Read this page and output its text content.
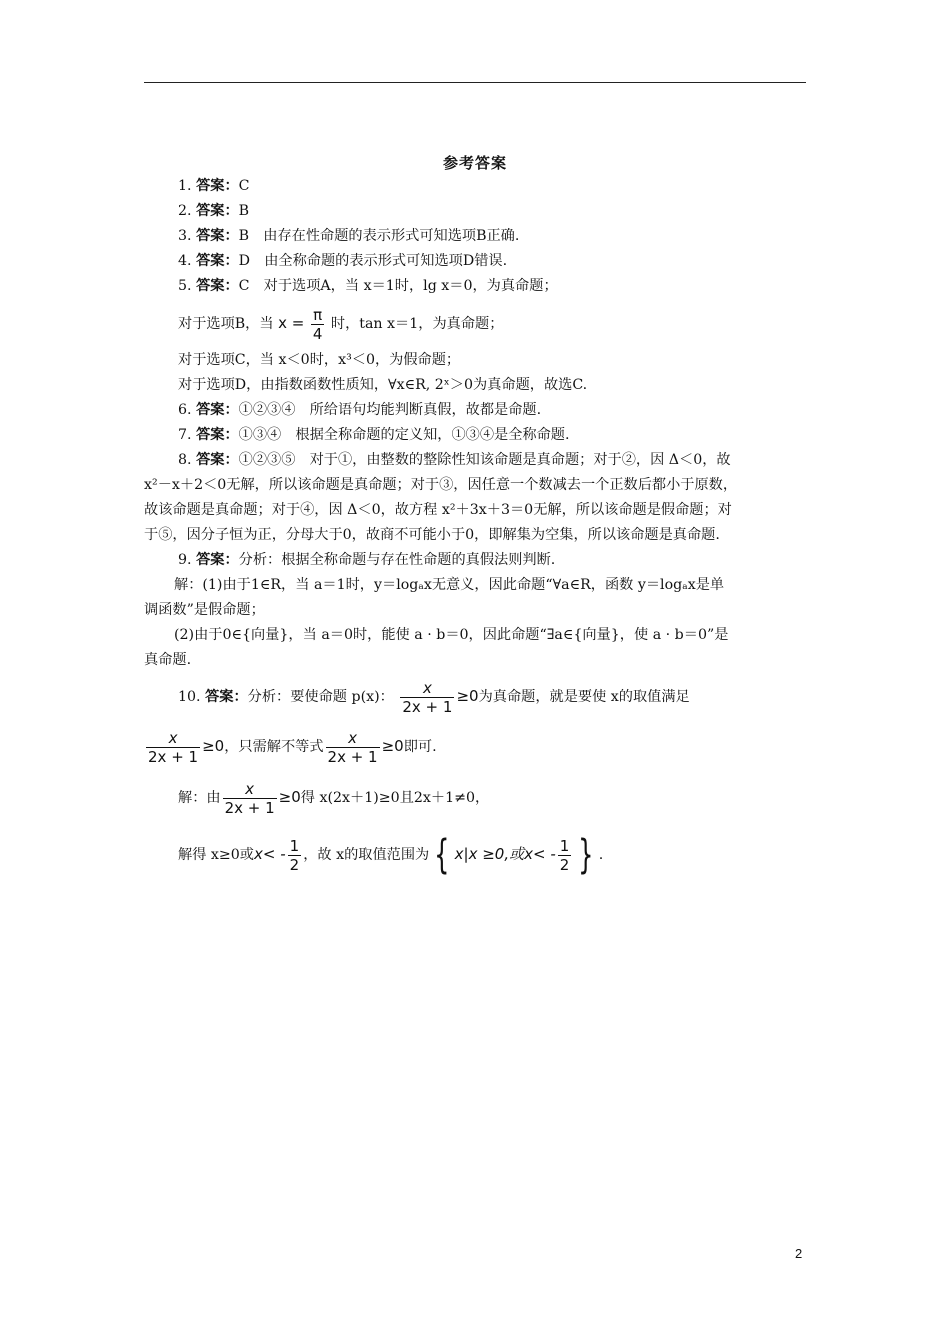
参考答案
1. 答案：C
2. 答案：B
3. 答案：B　由存在性命题的表示形式可知选项B正确.
4. 答案：D　由全称命题的表示形式可知选项D错误.
5. 答案：C　对于选项A，当 x＝1时，lg x＝0，为真命题；
对于选项B，当 $x = \frac{\pi}{4}$ 时，tan x＝1，为真命题；
对于选项C，当 x＜0时，x³＜0，为假命题；
对于选项D，由指数函数性质知，∀x∈R, 2ˣ＞0为真命题，故选C.
6. 答案：①②③④　所给语句均能判断真假，故都是命题.
7. 答案：①③④　根据全称命题的定义知，①③④是全称命题.
8. 答案：①②③⑤　对于①，由整数的整除性知该命题是真命题；对于②，因 Δ＜0，故
x²－x＋2＜0无解，所以该命题是真命题；对于③，因任意一个数减去一个正数后都小于原数，
故该命题是真命题；对于④，因 Δ＜0，故方程 x²＋3x＋3＝0无解，所以该命题是假命题；对
于⑤，因分子恒为正，分母大于0，故商不可能小于0，即解集为空集，所以该命题是真命题.
9. 答案：分析：根据全称命题与存在性命题的真假法则判断.
解：(1)由于1∈R，当 a＝1时，y＝logₐx无意义，因此命题“∀a∈R，函数 y＝logₐx是单
调函数”是假命题；
(2)由于0∈{向量}，当 a＝0时，能使 a · b＝0，因此命题“∃a∈{向量}，使 a · b＝0”是
真命题.
10. 答案：分析：要使命题 p(x)： $\frac{x}{2x + 1} \ge 0$为真命题，就是要使 x的取值满足
$\frac{x}{2x + 1} \ge 0$，只需解不等式 $\frac{x}{2x + 1} \ge 0$即可.
解：由 $\frac{x}{2x + 1} \ge 0$得 x(2x＋1)≥0且2x＋1≠0，
解得 x≥0或$x< - \frac{1}{2}$ ，故 x的取值范围为 { x|x ≥0,或$x< - \frac{1}{2}$ } .
2
